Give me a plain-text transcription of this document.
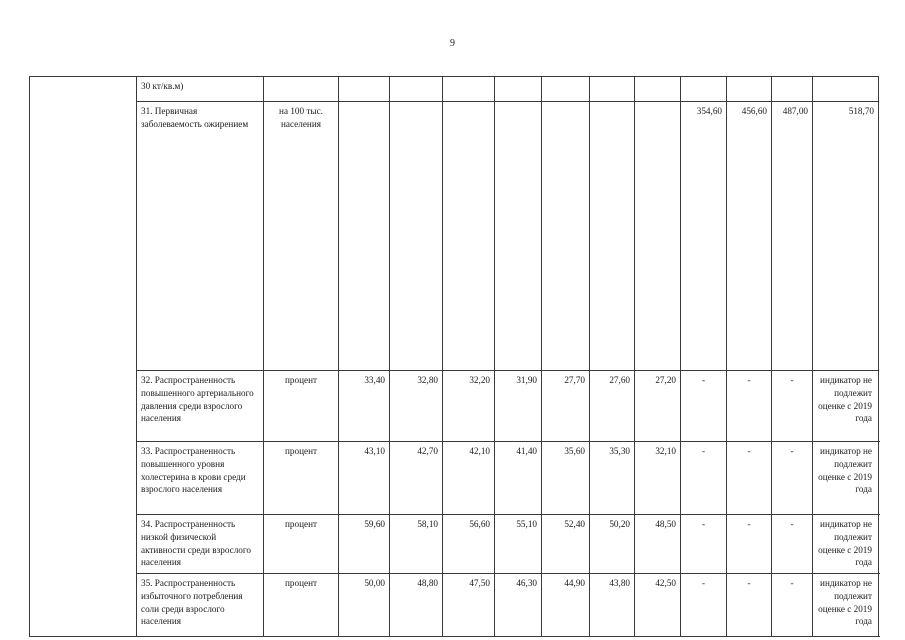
9
	30 кт/кв.м)													
	31. Первичная заболеваемость ожирением	на 100 тыс. населения								354,60	456,60	487,00	518,70	
	32. Распространенность повышенного артериального давления среди взрослого населения	процент	33,40	32,80	32,20	31,90	27,70	27,60	27,20	-	-	-	индикатор не подлежит оценке с 2019 года	
	33. Распространенность повышенного уровня холестерина в крови среди взрослого населения	процент	43,10	42,70	42,10	41,40	35,60	35,30	32,10	-	-	-	индикатор не подлежит оценке с 2019 года	
	34. Распространенность низкой физической активности среди взрослого населения	процент	59,60	58,10	56,60	55,10	52,40	50,20	48,50	-	-	-	индикатор не подлежит оценке с 2019 года	
	35. Распространенность избыточного потребления соли среди взрослого населения	процент	50,00	48,80	47,50	46,30	44,90	43,80	42,50	-	-	-	индикатор не подлежит оценке с 2019 года	
